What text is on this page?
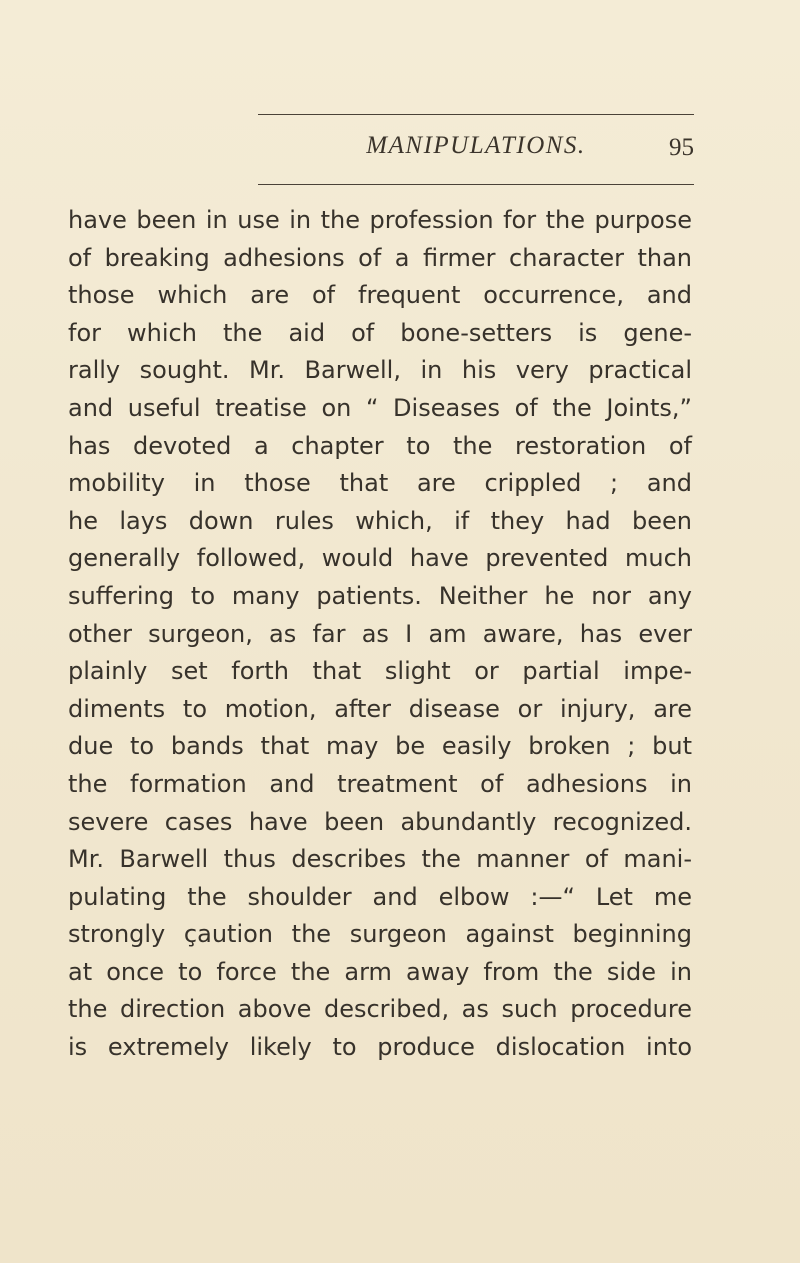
MANIPULATIONS.	95
have been in use in the profession for the purpose
of breaking adhesions of a firmer character than
those which are of frequent occurrence, and
for which the aid of bone-setters is gene-
rally sought. Mr. Barwell, in his very practical
and useful treatise on “ Diseases of the Joints,”
has devoted a chapter to the restoration of
mobility in those that are crippled ; and
he lays down rules which, if they had been
generally followed, would have prevented much
suffering to many patients. Neither he nor any
other surgeon, as far as I am aware, has ever
plainly set forth that slight or partial impe-
diments to motion, after disease or injury, are
due to bands that may be easily broken ; but
the formation and treatment of adhesions in
severe cases have been abundantly recognized.
Mr. Barwell thus describes the manner of mani-
pulating the shoulder and elbow :—“ Let me
strongly çaution the surgeon against beginning
at once to force the arm away from the side in
the direction above described, as such procedure
is extremely likely to produce dislocation into
